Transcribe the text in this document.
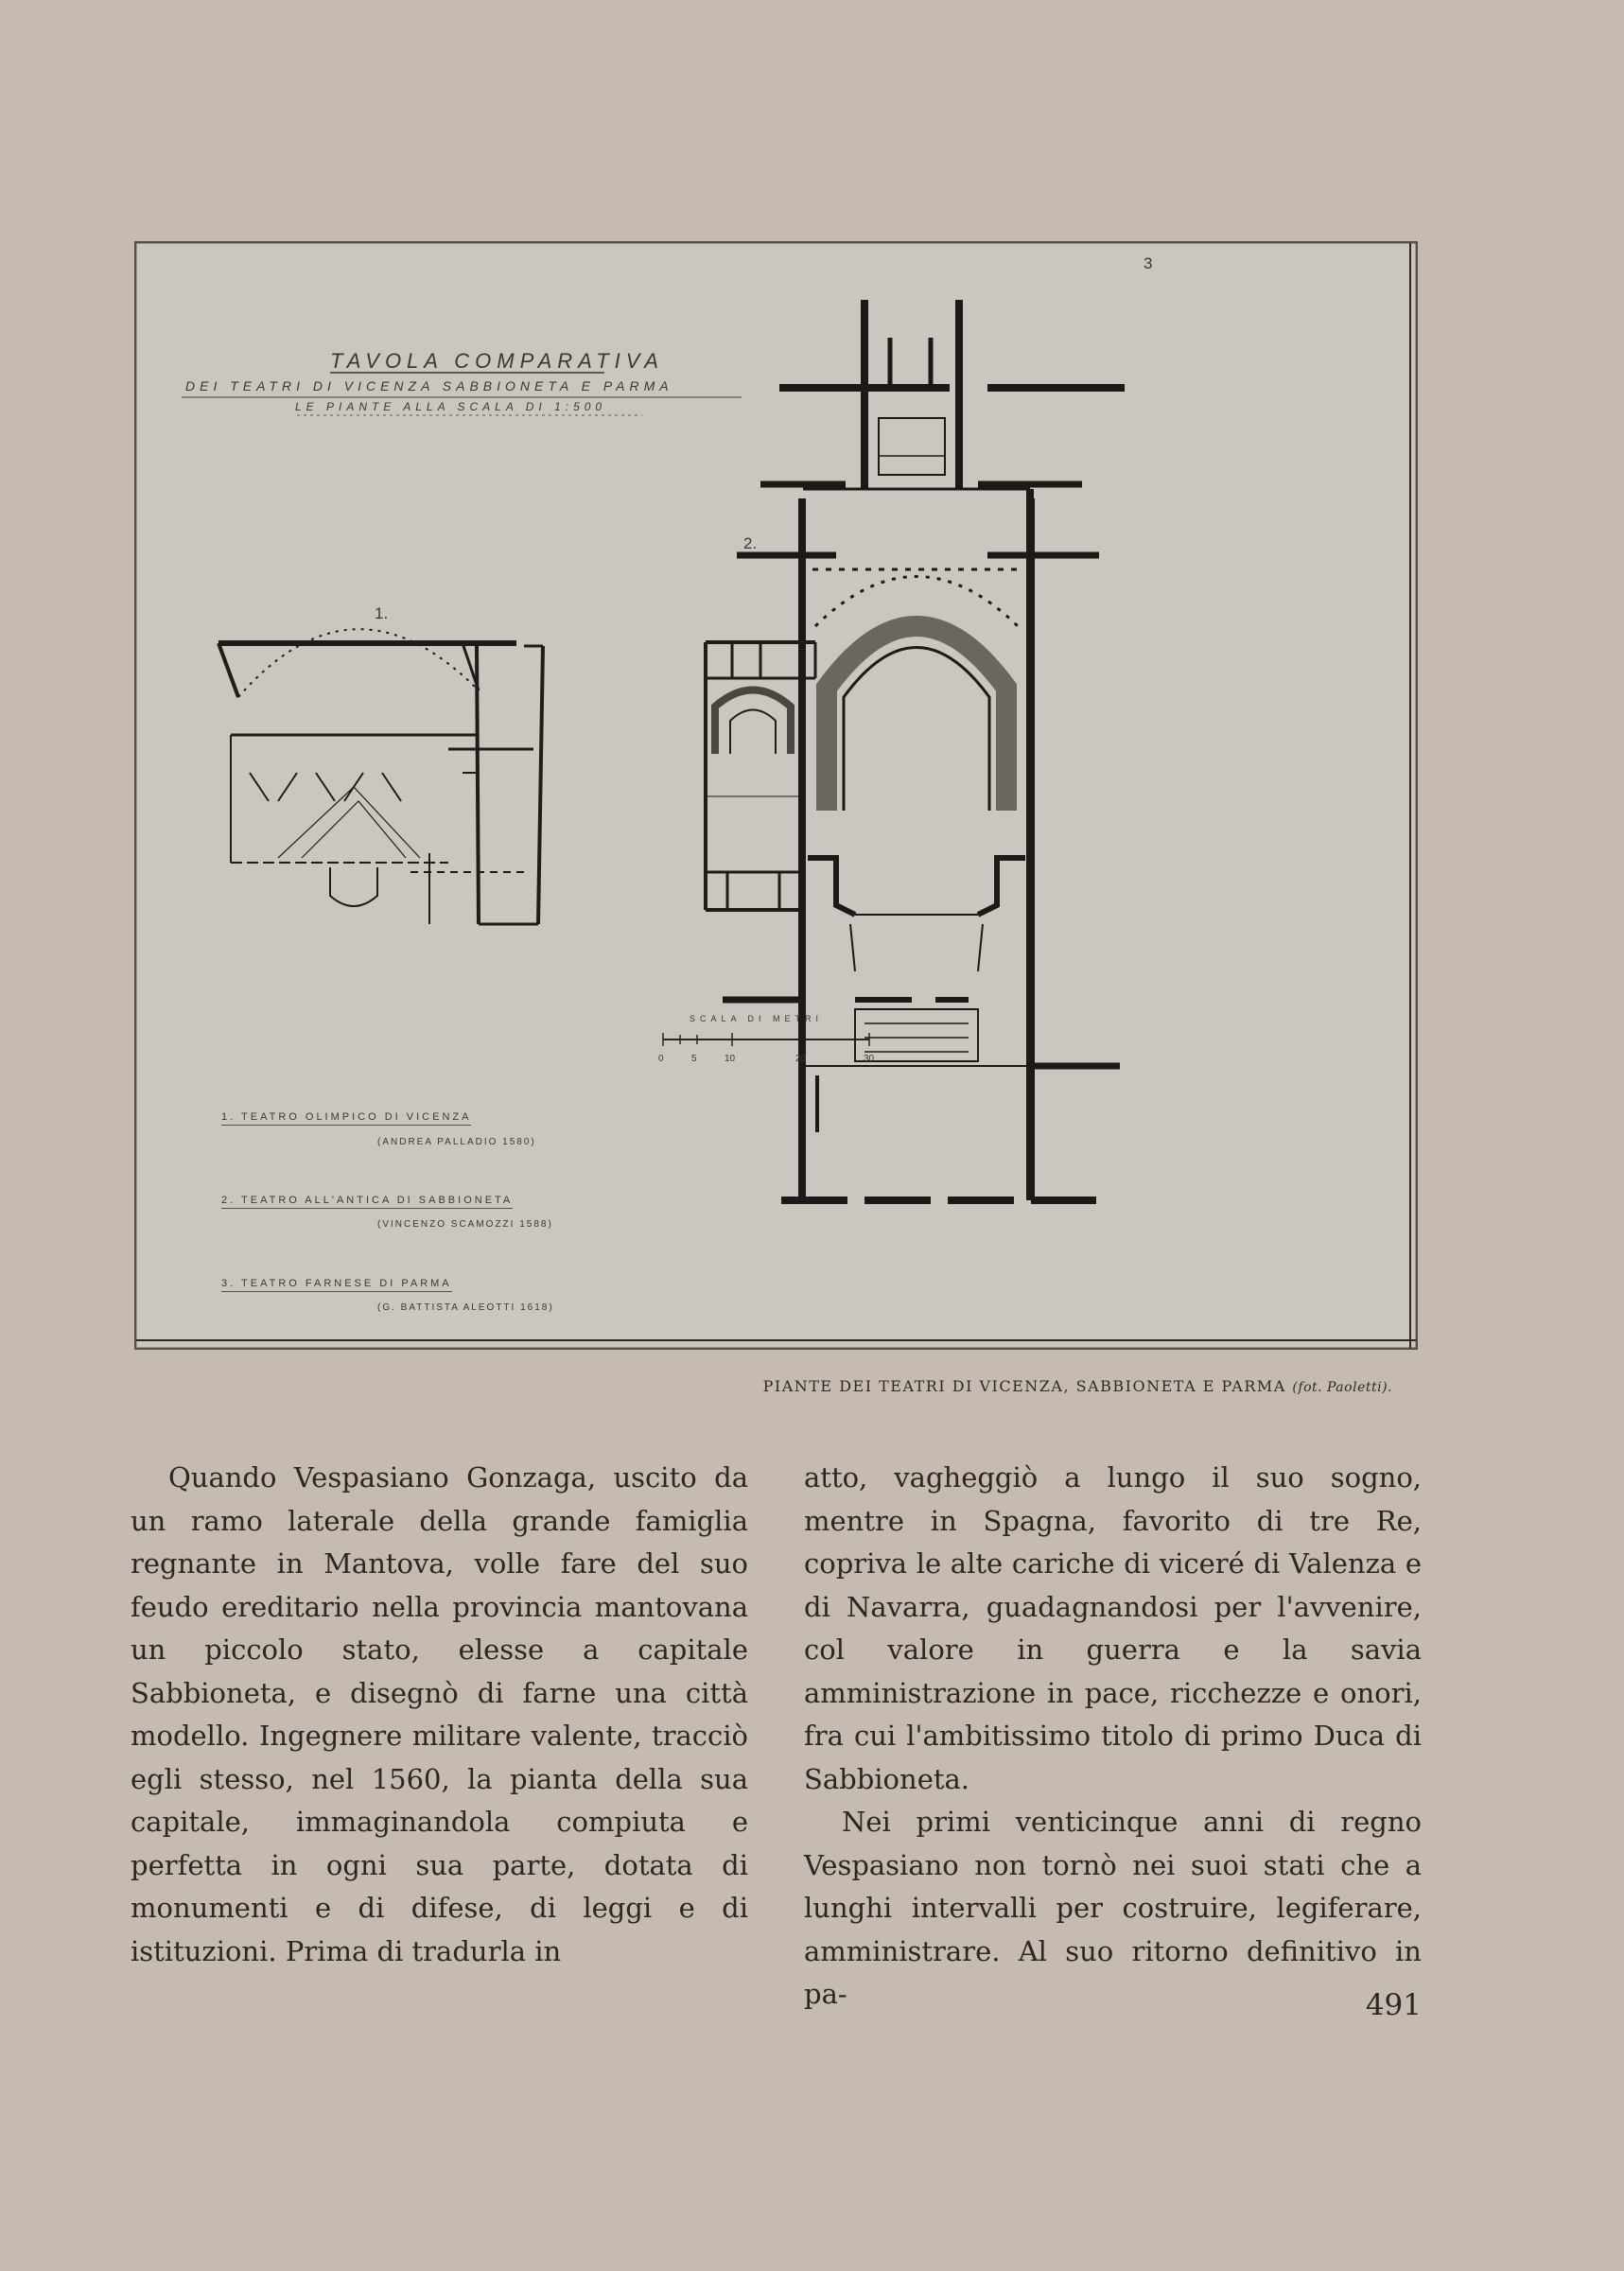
TAVOLA COMPARATIVA
DEI TEATRI DI VICENZA SABBIONETA E PARMA
LE PIANTE ALLA SCALA DI 1:500
1.
2.
3
SCALA DI METRI
0	5	10	20	30
1. TEATRO OLIMPICO DI VICENZA
(ANDREA PALLADIO 1580)
2. TEATRO ALL'ANTICA DI SABBIONETA
(VINCENZO SCAMOZZI 1588)
3. TEATRO FARNESE DI PARMA
(G. BATTISTA ALEOTTI 1618)
PIANTE DEI TEATRI DI VICENZA, SABBIONETA E PARMA (fot. Paoletti).

Quando Vespasiano Gonzaga, uscito da un ramo laterale della grande famiglia regnante in Mantova, volle fare del suo feudo ereditario nella provincia mantovana un piccolo stato, elesse a capitale Sabbioneta, e disegnò di farne una città modello. Ingegnere militare valente, tracciò egli stesso, nel 1560, la pianta della sua capitale, immaginandola compiuta e perfetta in ogni sua parte, dotata di monumenti e di difese, di leggi e di istituzioni. Prima di tradurla in

atto, vagheggiò a lungo il suo sogno, mentre in Spagna, favorito di tre Re, copriva le alte cariche di viceré di Valenza e di Navarra, guadagnandosi per l'avvenire, col valore in guerra e la savia amministrazione in pace, ricchezze e onori, fra cui l'ambitissimo titolo di primo Duca di Sabbioneta.

Nei primi venticinque anni di regno Vespasiano non tornò nei suoi stati che a lunghi intervalli per costruire, legiferare, amministrare. Al suo ritorno definitivo in pa-	491
